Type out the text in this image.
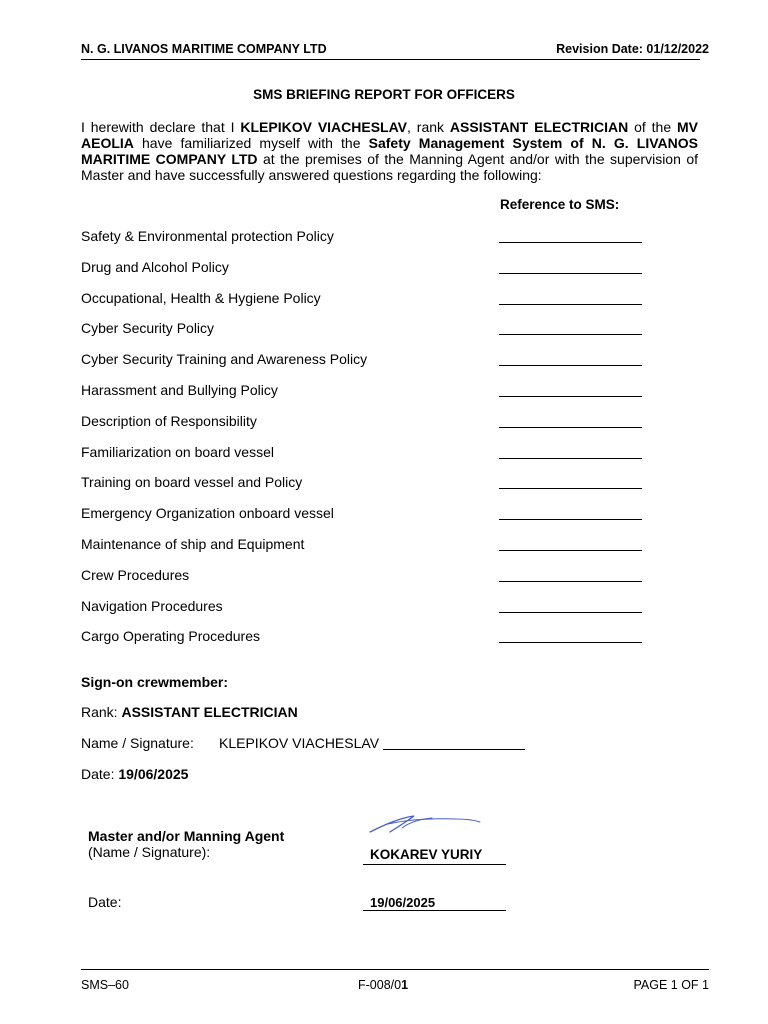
N. G. LIVANOS MARITIME COMPANY LTD	Revision Date: 01/12/2022
SMS BRIEFING REPORT FOR OFFICERS
I herewith declare that I KLEPIKOV VIACHESLAV, rank ASSISTANT ELECTRICIAN of the MV AEOLIA have familiarized myself with the Safety Management System of N. G. LIVANOS MARITIME COMPANY LTD at the premises of the Manning Agent and/or with the supervision of Master and have successfully answered questions regarding the following:
Reference to SMS:
Safety & Environmental protection Policy
Drug and Alcohol Policy
Occupational, Health & Hygiene Policy
Cyber Security Policy
Cyber Security Training and Awareness Policy
Harassment and Bullying Policy
Description of Responsibility
Familiarization on board vessel
Training on board vessel and Policy
Emergency Organization onboard vessel
Maintenance of ship and Equipment
Crew Procedures
Navigation Procedures
Cargo Operating Procedures
Sign-on crewmember:
Rank: ASSISTANT ELECTRICIAN
Name / Signature: KLEPIKOV VIACHESLAV
Date: 19/06/2025
Master and/or Manning Agent
(Name / Signature):	KOKAREV YURIY
Date:	19/06/2025
SMS–60	F-008/01	PAGE 1 OF 1
